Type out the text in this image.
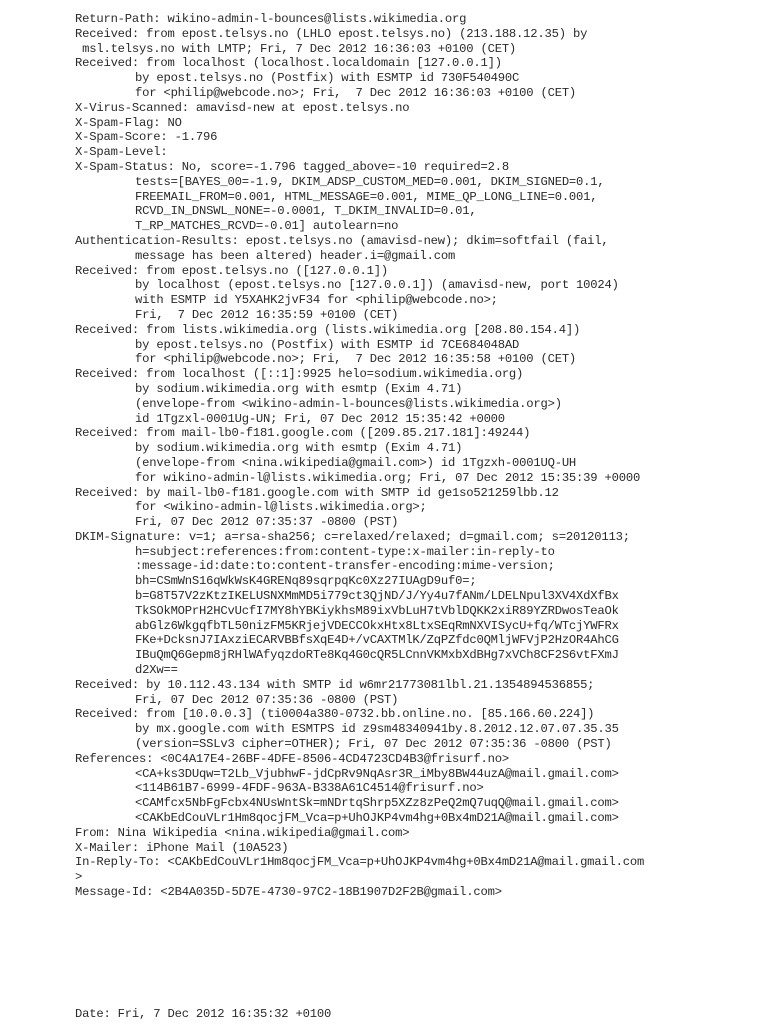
Return-Path: wikino-admin-l-bounces@lists.wikimedia.org
Received: from epost.telsys.no (LHLO epost.telsys.no) (213.188.12.35) by
msl.telsys.no with LMTP; Fri, 7 Dec 2012 16:36:03 +0100 (CET)
Received: from localhost (localhost.localdomain [127.0.0.1])
by epost.telsys.no (Postfix) with ESMTP id 730F540490C
for <philip@webcode.no>; Fri,  7 Dec 2012 16:36:03 +0100 (CET)
X-Virus-Scanned: amavisd-new at epost.telsys.no
X-Spam-Flag: NO
X-Spam-Score: -1.796
X-Spam-Level:
X-Spam-Status: No, score=-1.796 tagged_above=-10 required=2.8
tests=[BAYES_00=-1.9, DKIM_ADSP_CUSTOM_MED=0.001, DKIM_SIGNED=0.1,
FREEMAIL_FROM=0.001, HTML_MESSAGE=0.001, MIME_QP_LONG_LINE=0.001,
RCVD_IN_DNSWL_NONE=-0.0001, T_DKIM_INVALID=0.01,
T_RP_MATCHES_RCVD=-0.01] autolearn=no
Authentication-Results: epost.telsys.no (amavisd-new); dkim=softfail (fail,
message has been altered) header.i=@gmail.com
Received: from epost.telsys.no ([127.0.0.1])
by localhost (epost.telsys.no [127.0.0.1]) (amavisd-new, port 10024)
with ESMTP id Y5XAHK2jvF34 for <philip@webcode.no>;
Fri,  7 Dec 2012 16:35:59 +0100 (CET)
Received: from lists.wikimedia.org (lists.wikimedia.org [208.80.154.4])
by epost.telsys.no (Postfix) with ESMTP id 7CE684048AD
for <philip@webcode.no>; Fri,  7 Dec 2012 16:35:58 +0100 (CET)
Received: from localhost ([::1]:9925 helo=sodium.wikimedia.org)
by sodium.wikimedia.org with esmtp (Exim 4.71)
(envelope-from <wikino-admin-l-bounces@lists.wikimedia.org>)
id 1Tgzxl-0001Ug-UN; Fri, 07 Dec 2012 15:35:42 +0000
Received: from mail-lb0-f181.google.com ([209.85.217.181]:49244)
by sodium.wikimedia.org with esmtp (Exim 4.71)
(envelope-from <nina.wikipedia@gmail.com>) id 1Tgzxh-0001UQ-UH
for wikino-admin-l@lists.wikimedia.org; Fri, 07 Dec 2012 15:35:39 +0000
Received: by mail-lb0-f181.google.com with SMTP id ge1so521259lbb.12
for <wikino-admin-l@lists.wikimedia.org>;
Fri, 07 Dec 2012 07:35:37 -0800 (PST)
DKIM-Signature: v=1; a=rsa-sha256; c=relaxed/relaxed; d=gmail.com; s=20120113;
h=subject:references:from:content-type:x-mailer:in-reply-to
:message-id:date:to:content-transfer-encoding:mime-version;
bh=CSmWnS16qWkWsK4GRENq89sqrpqKc0Xz27IUAgD9uf0=;
b=G8T57V2zKtzIKELUSNXMmMD5i779ct3QjND/J/Yy4u7fANm/LDELNpul3XV4XdXfBx
TkSOkMOPrH2HCvUcfI7MY8hYBKiykhsM89ixVbLuH7tVblDQKK2xiR89YZRDwosTeaOk
abGlz6WkgqfbTL50nizFM5KRjejVDECCOkxHtx8LtxSEqRmNXVISycU+fq/WTcjYWFRx
FKe+DcksnJ7IAxziECARVBBfsXqE4D+/vCAXTMlK/ZqPZfdc0QMljWFVjP2HzOR4AhCG
IBuQmQ6Gepm8jRHlWAfyqzdoRTe8Kq4G0cQR5LCnnVKMxbXdBHg7xVCh8CF2S6vtFXmJ
d2Xw==
Received: by 10.112.43.134 with SMTP id w6mr21773081lbl.21.1354894536855;
Fri, 07 Dec 2012 07:35:36 -0800 (PST)
Received: from [10.0.0.3] (ti0004a380-0732.bb.online.no. [85.166.60.224])
by mx.google.com with ESMTPS id z9sm48340941by.8.2012.12.07.07.35.35
(version=SSLv3 cipher=OTHER); Fri, 07 Dec 2012 07:35:36 -0800 (PST)
References: <0C4A17E4-26BF-4DFE-8506-4CD4723CD4B3@frisurf.no>
<CA+ks3DUqw=T2Lb_VjubhwF-jdCpRv9NqAsr3R_iMby8BW44uzA@mail.gmail.com>
<114B61B7-6999-4FDF-963A-B338A61C4514@frisurf.no>
<CAMfcx5NbFgFcbx4NUsWntSk=mNDrtqShrp5XZz8zPeQ2mQ7uqQ@mail.gmail.com>
<CAKbEdCouVLr1Hm8qocjFM_Vca=p+UhOJKP4vm4hg+0Bx4mD21A@mail.gmail.com>
From: Nina Wikipedia <nina.wikipedia@gmail.com>
X-Mailer: iPhone Mail (10A523)
In-Reply-To: <CAKbEdCouVLr1Hm8qocjFM_Vca=p+UhOJKP4vm4hg+0Bx4mD21A@mail.gmail.com
>
Message-Id: <2B4A035D-5D7E-4730-97C2-18B1907D2F2B@gmail.com>
Date: Fri, 7 Dec 2012 16:35:32 +0100
